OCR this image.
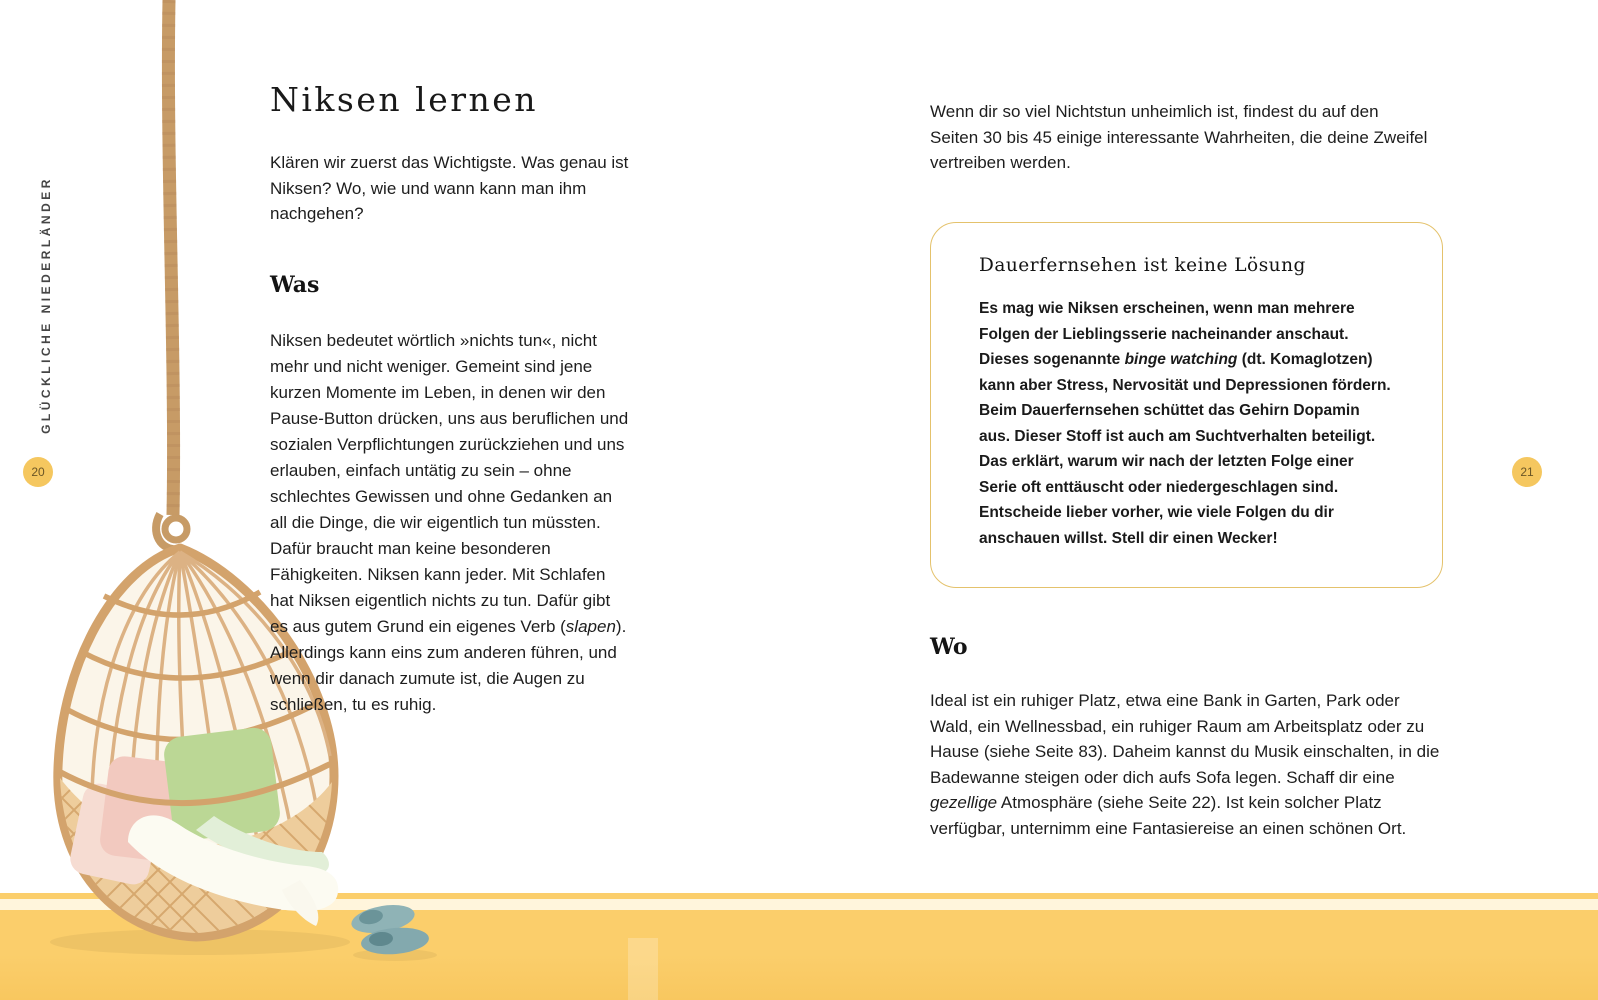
GLÜCKLICHE NIEDERLÄNDER
20	21
Niksen lernen

Klären wir zuerst das Wichtigste. Was genau ist Niksen? Wo, wie und wann kann man ihm nachgehen?

Was

Niksen bedeutet wörtlich »nichts tun«, nicht mehr und nicht weniger. Gemeint sind jene kurzen Momente im Leben, in denen wir den Pause-Button drücken, uns aus beruflichen und sozialen Verpflichtungen zurückziehen und uns erlauben, einfach untätig zu sein – ohne schlechtes Gewissen und ohne Gedanken an all die Dinge, die wir eigentlich tun müssten. Dafür braucht man keine besonderen Fähigkeiten. Niksen kann jeder. Mit Schlafen hat Niksen eigentlich nichts zu tun. Dafür gibt es aus gutem Grund ein eigenes Verb (slapen). Allerdings kann eins zum anderen führen, und wenn dir danach zumute ist, die Augen zu schließen, tu es ruhig.

Wenn dir so viel Nichtstun unheimlich ist, findest du auf den Seiten 30 bis 45 einige interessante Wahrheiten, die deine Zweifel vertreiben werden.

Dauerfernsehen ist keine Lösung

Es mag wie Niksen erscheinen, wenn man mehrere Folgen der Lieblingsserie nacheinander anschaut. Dieses sogenannte binge watching (dt. Komaglotzen) kann aber Stress, Nervosität und Depressionen fördern. Beim Dauerfernsehen schüttet das Gehirn Dopamin aus. Dieser Stoff ist auch am Suchtverhalten beteiligt. Das erklärt, warum wir nach der letzten Folge einer Serie oft enttäuscht oder niedergeschlagen sind. Entscheide lieber vorher, wie viele Folgen du dir anschauen willst. Stell dir einen Wecker!

Wo

Ideal ist ein ruhiger Platz, etwa eine Bank in Garten, Park oder Wald, ein Wellnessbad, ein ruhiger Raum am Arbeitsplatz oder zu Hause (siehe Seite 83). Daheim kannst du Musik einschalten, in die Badewanne steigen oder dich aufs Sofa legen. Schaff dir eine gezellige Atmosphäre (siehe Seite 22). Ist kein solcher Platz verfügbar, unternimm eine Fantasiereise an einen schönen Ort.
